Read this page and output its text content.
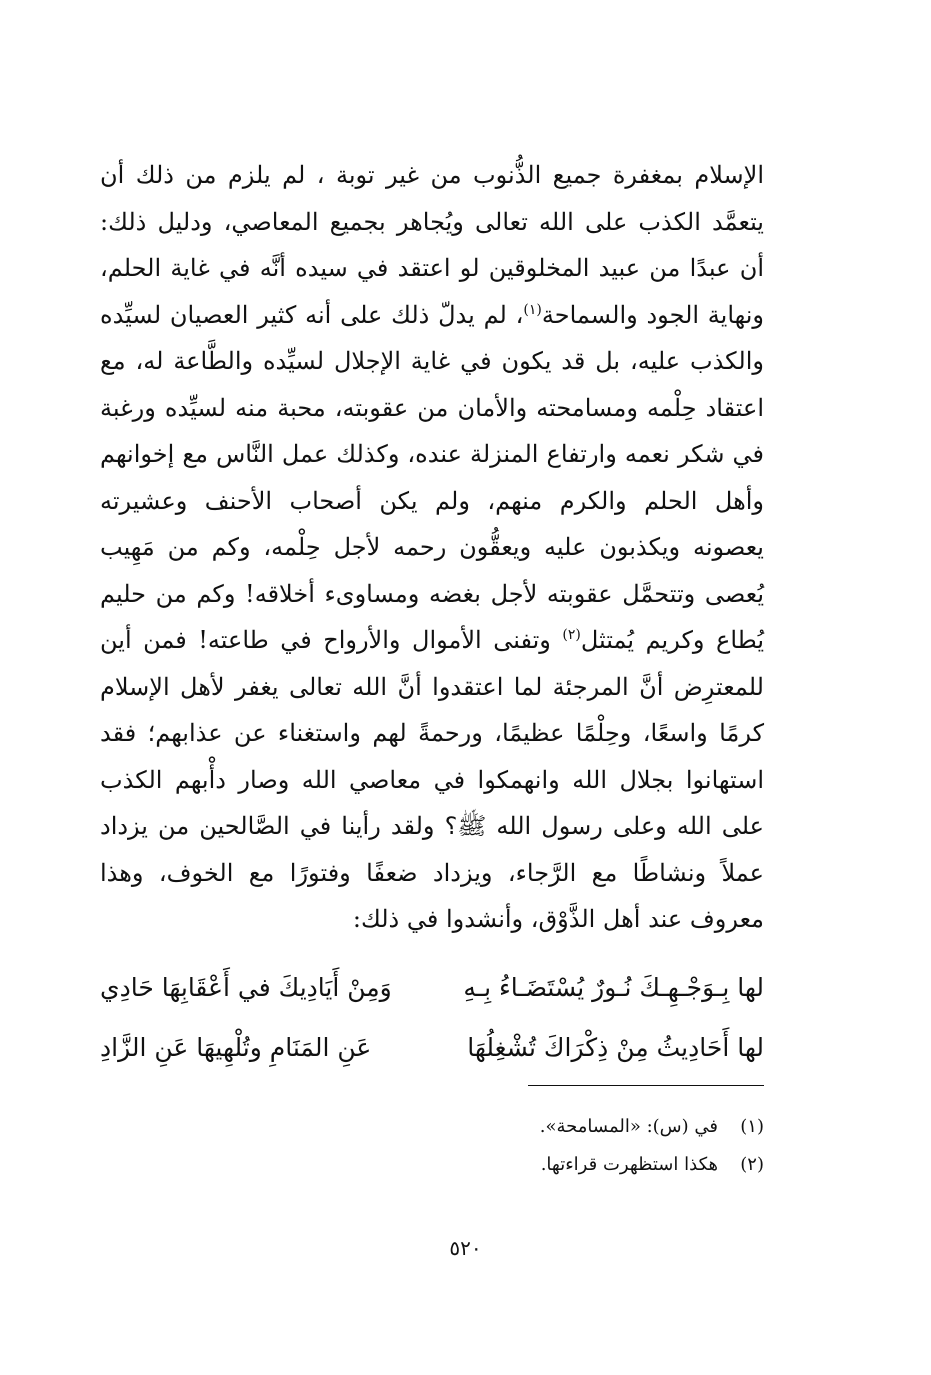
الإسلام بمغفرة جميع الذُّنوب من غير توبة ، لم يلزم من ذلك أن يتعمَّد الكذب على الله تعالى ويُجاهر بجميع المعاصي، ودليل ذلك: أن عبدًا من عبيد المخلوقين لو اعتقد في سيده أنَّه في غاية الحلم، ونهاية الجود والسماحة$^{(١)}$، لم يدلّ ذلك على أنه كثير العصيان لسيِّده والكذب عليه، بل قد يكون في غاية الإجلال لسيِّده والطَّاعة له، مع اعتقاد حِلْمه ومسامحته والأمان من عقوبته، محبة منه لسيِّده ورغبة في شكر نعمه وارتفاع المنزلة عنده، وكذلك عمل النَّاس مع إخوانهم وأهل الحلم والكرم منهم، ولم يكن أصحاب الأحنف وعشيرته يعصونه ويكذبون عليه ويعقُّون رحمه لأجل حِلْمه، وكم من مَهِيب يُعصى وتتحمَّل عقوبته لأجل بغضه ومساوىء أخلاقه! وكم من حليم يُطاع وكريم يُمتثل$^{(٢)}$ وتفنى الأموال والأرواح في طاعته! فمن أين للمعترِض أنَّ المرجئة لما اعتقدوا أنَّ الله تعالى يغفر لأهل الإسلام كرمًا واسعًا، وحِلْمًا عظيمًا، ورحمةً لهم واستغناء عن عذابهم؛ فقد استهانوا بجلال الله وانهمكوا في معاصي الله وصار دأْبهم الكذب على الله وعلى رسول الله ﷺ؟ ولقد رأينا في الصَّالحين من يزداد عملاً ونشاطًا مع الرَّجاء، ويزداد ضعفًا وفتورًا مع الخوف، وهذا معروف عند أهل الذَّوْق، وأنشدوا في ذلك:

لها بِـوَجْـهِـكَ نُـورٌ يُسْتَضَـاءُ بِـهِ
وَمِنْ أَيَادِيكَ في أَعْقَابِهَا حَادِي
لها أَحَادِيثُ مِنْ ذِكْرَاكَ تُشْغِلُهَا
عَنِ المَنَامِ وتُلْهِيهَا عَنِ الزَّادِ
(١)
في (س): «المسامحة».
(٢)
هكذا استظهرت قراءتها.
٥٢٠
